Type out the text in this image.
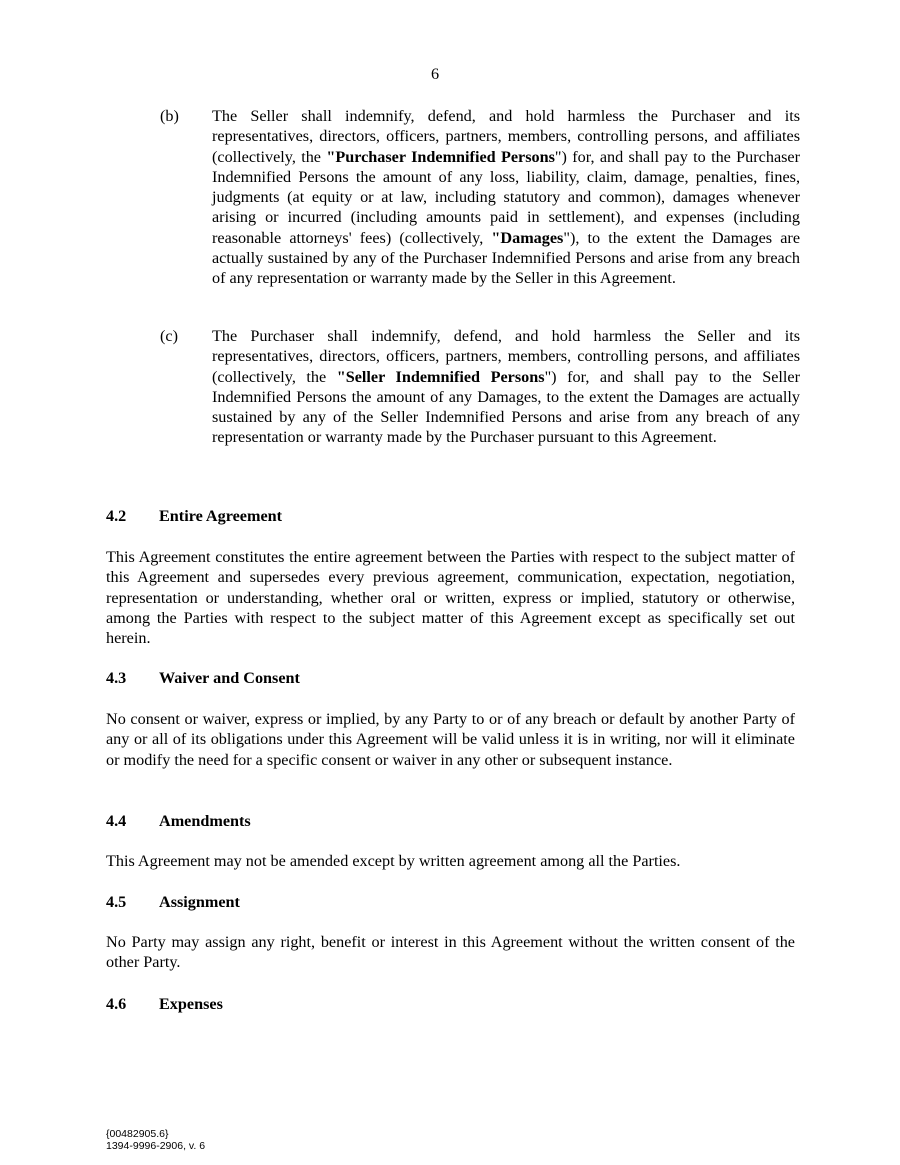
6
(b) The Seller shall indemnify, defend, and hold harmless the Purchaser and its representatives, directors, officers, partners, members, controlling persons, and affiliates (collectively, the "Purchaser Indemnified Persons") for, and shall pay to the Purchaser Indemnified Persons the amount of any loss, liability, claim, damage, penalties, fines, judgments (at equity or at law, including statutory and common), damages whenever arising or incurred (including amounts paid in settlement), and expenses (including reasonable attorneys' fees) (collectively, "Damages"), to the extent the Damages are actually sustained by any of the Purchaser Indemnified Persons and arise from any breach of any representation or warranty made by the Seller in this Agreement.
(c) The Purchaser shall indemnify, defend, and hold harmless the Seller and its representatives, directors, officers, partners, members, controlling persons, and affiliates (collectively, the "Seller Indemnified Persons") for, and shall pay to the Seller Indemnified Persons the amount of any Damages, to the extent the Damages are actually sustained by any of the Seller Indemnified Persons and arise from any breach of any representation or warranty made by the Purchaser pursuant to this Agreement.
4.2 Entire Agreement
This Agreement constitutes the entire agreement between the Parties with respect to the subject matter of this Agreement and supersedes every previous agreement, communication, expectation, negotiation, representation or understanding, whether oral or written, express or implied, statutory or otherwise, among the Parties with respect to the subject matter of this Agreement except as specifically set out herein.
4.3 Waiver and Consent
No consent or waiver, express or implied, by any Party to or of any breach or default by another Party of any or all of its obligations under this Agreement will be valid unless it is in writing, nor will it eliminate or modify the need for a specific consent or waiver in any other or subsequent instance.
4.4 Amendments
This Agreement may not be amended except by written agreement among all the Parties.
4.5 Assignment
No Party may assign any right, benefit or interest in this Agreement without the written consent of the other Party.
4.6 Expenses
{00482905.6}
1394-9996-2906, v. 6
